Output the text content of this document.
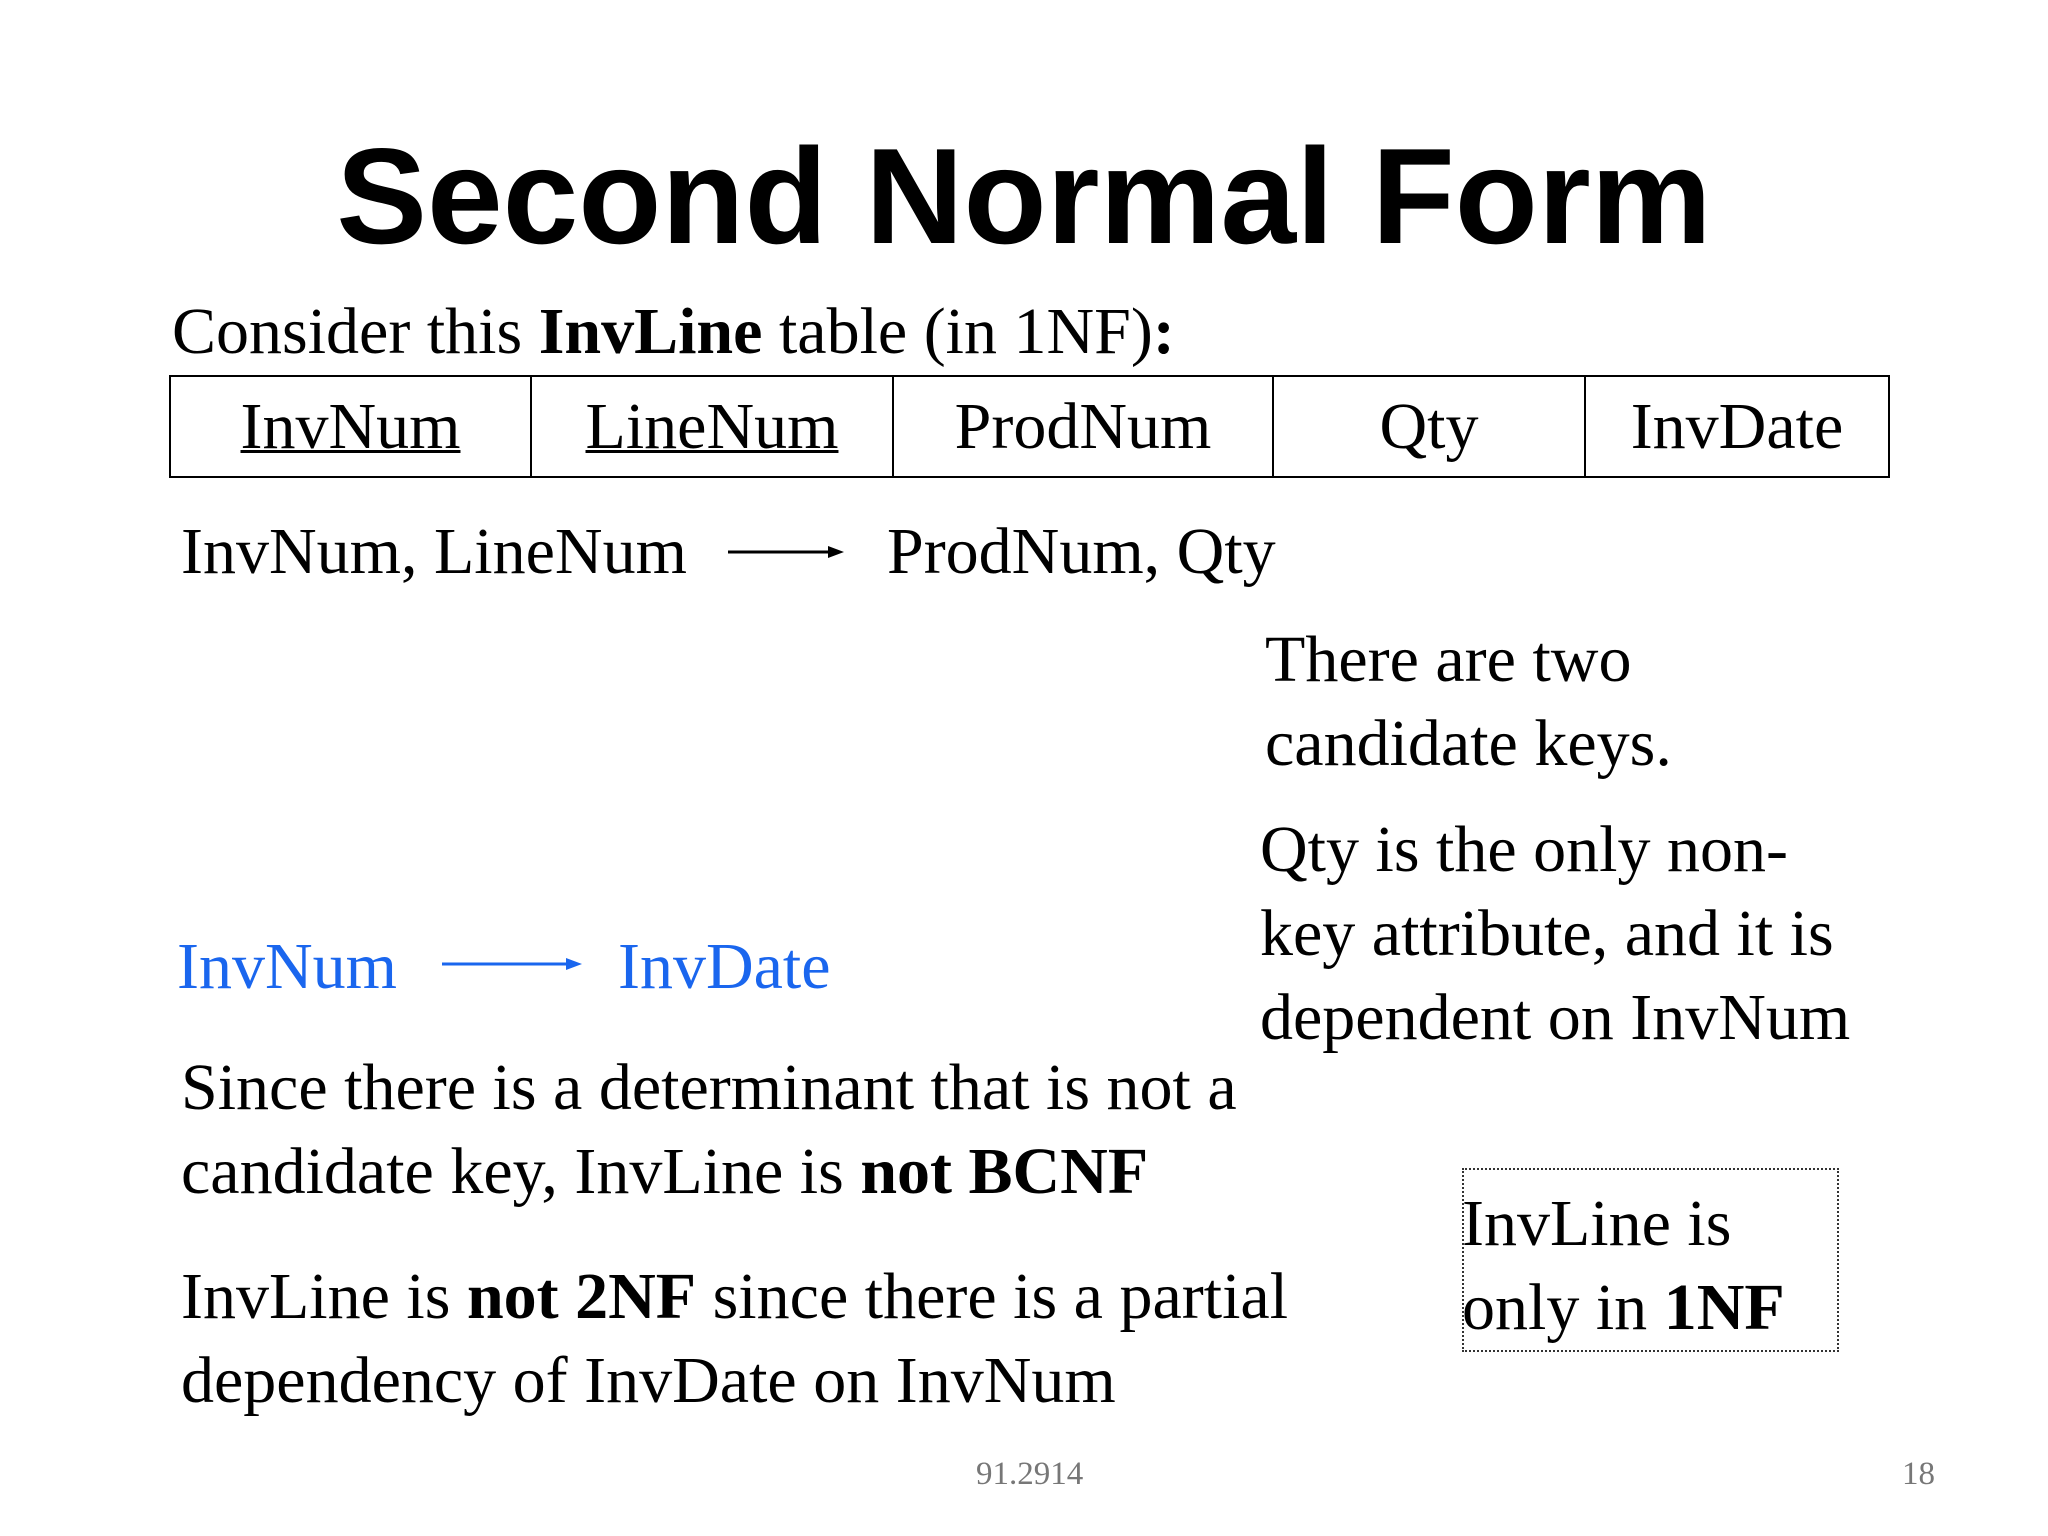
Second Normal Form
Consider this InvLine table (in 1NF):
InvNum	LineNum	ProdNum	Qty	InvDate
InvNum, LineNum	ProdNum, Qty
There are two
candidate keys.
Qty is the only non-
key attribute, and it is
dependent on InvNum
InvNum	InvDate
Since there is a determinant that is not a
candidate key, InvLine is not BCNF
InvLine is not 2NF since there is a partial
dependency of InvDate on InvNum
InvLine is
only in 1NF
91.2914	18
